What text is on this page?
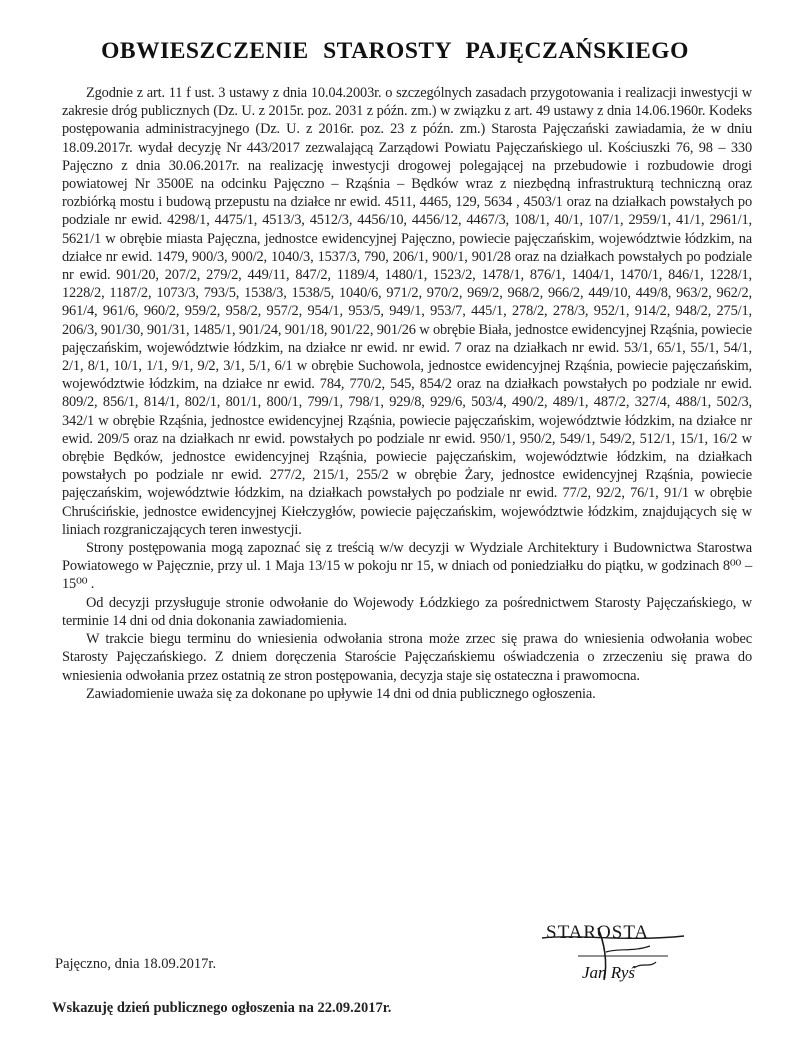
OBWIESZCZENIE STAROSTY PAJĘCZAŃSKIEGO

Zgodnie z art. 11 f ust. 3 ustawy z dnia 10.04.2003r. o szczególnych zasadach przygotowania i realizacji inwestycji w zakresie dróg publicznych (Dz. U. z 2015r. poz. 2031 z późn. zm.) w związku z art. 49 ustawy z dnia 14.06.1960r. Kodeks postępowania administracyjnego (Dz. U. z 2016r. poz. 23 z późn. zm.) Starosta Pajęczański zawiadamia, że w dniu 18.09.2017r. wydał decyzję Nr 443/2017 zezwalającą Zarządowi Powiatu Pajęczańskiego ul. Kościuszki 76, 98 – 330 Pajęczno z dnia 30.06.2017r. na realizację inwestycji drogowej polegającej na przebudowie i rozbudowie drogi powiatowej Nr 3500E na odcinku Pajęczno – Rząśnia – Będków wraz z niezbędną infrastrukturą techniczną oraz rozbiórką mostu i budową przepustu na działce nr ewid. 4511, 4465, 129, 5634 , 4503/1 oraz na działkach powstałych po podziale nr ewid. 4298/1, 4475/1, 4513/3, 4512/3, 4456/10, 4456/12, 4467/3, 108/1, 40/1, 107/1, 2959/1, 41/1, 2961/1, 5621/1 w obrębie miasta Pajęczna, jednostce ewidencyjnej Pajęczno, powiecie pajęczańskim, województwie łódzkim, na działce nr ewid. 1479, 900/3, 900/2, 1040/3, 1537/3, 790, 206/1, 900/1, 901/28 oraz na działkach powstałych po podziale nr ewid. 901/20, 207/2, 279/2, 449/11, 847/2, 1189/4, 1480/1, 1523/2, 1478/1, 876/1, 1404/1, 1470/1, 846/1, 1228/1, 1228/2, 1187/2, 1073/3, 793/5, 1538/3, 1538/5, 1040/6, 971/2, 970/2, 969/2, 968/2, 966/2, 449/10, 449/8, 963/2, 962/2, 961/4, 961/6, 960/2, 959/2, 958/2, 957/2, 954/1, 953/5, 949/1, 953/7, 445/1, 278/2, 278/3, 952/1, 914/2, 948/2, 275/1, 206/3, 901/30, 901/31, 1485/1, 901/24, 901/18, 901/22, 901/26 w obrębie Biała, jednostce ewidencyjnej Rząśnia, powiecie pajęczańskim, województwie łódzkim, na działce nr ewid. nr ewid. 7 oraz na działkach nr ewid. 53/1, 65/1, 55/1, 54/1, 2/1, 8/1, 10/1, 1/1, 9/1, 9/2, 3/1, 5/1, 6/1 w obrębie Suchowola, jednostce ewidencyjnej Rząśnia, powiecie pajęczańskim, województwie łódzkim, na działce nr ewid. 784, 770/2, 545, 854/2 oraz na działkach powstałych po podziale nr ewid. 809/2, 856/1, 814/1, 802/1, 801/1, 800/1, 799/1, 798/1, 929/8, 929/6, 503/4, 490/2, 489/1, 487/2, 327/4, 488/1, 502/3, 342/1 w obrębie Rząśnia, jednostce ewidencyjnej Rząśnia, powiecie pajęczańskim, województwie łódzkim, na działce nr ewid. 209/5 oraz na działkach nr ewid. powstałych po podziale nr ewid. 950/1, 950/2, 549/1, 549/2, 512/1, 15/1, 16/2 w obrębie Będków, jednostce ewidencyjnej Rząśnia, powiecie pajęczańskim, województwie łódzkim, na działkach powstałych po podziale nr ewid. 277/2, 215/1, 255/2 w obrębie Żary, jednostce ewidencyjnej Rząśnia, powiecie pajęczańskim, województwie łódzkim, na działkach powstałych po podziale nr ewid. 77/2, 92/2, 76/1, 91/1 w obrębie Chruścińskie, jednostce ewidencyjnej Kiełczygłów, powiecie pajęczańskim, województwie łódzkim, znajdujących się w liniach rozgraniczających teren inwestycji.

Strony postępowania mogą zapoznać się z treścią w/w decyzji w Wydziale Architektury i Budownictwa Starostwa Powiatowego w Pajęcznie, przy ul. 1 Maja 13/15 w pokoju nr 15, w dniach od poniedziałku do piątku, w godzinach 8⁰⁰ – 15⁰⁰ .

Od decyzji przysługuje stronie odwołanie do Wojewody Łódzkiego za pośrednictwem Starosty Pajęczańskiego, w terminie 14 dni od dnia dokonania zawiadomienia.

W trakcie biegu terminu do wniesienia odwołania strona może zrzec się prawa do wniesienia odwołania wobec Starosty Pajęczańskiego. Z dniem doręczenia Staroście Pajęczańskiemu oświadczenia o zrzeczeniu się prawa do wniesienia odwołania przez ostatnią ze stron postępowania, decyzja staje się ostateczna i prawomocna.

Zawiadomienie uważa się za dokonane po upływie 14 dni od dnia publicznego ogłoszenia.

Pajęczno, dnia 18.09.2017r.
STAROSTA
Jan Ryś
Wskazuję dzień publicznego ogłoszenia na 22.09.2017r.
